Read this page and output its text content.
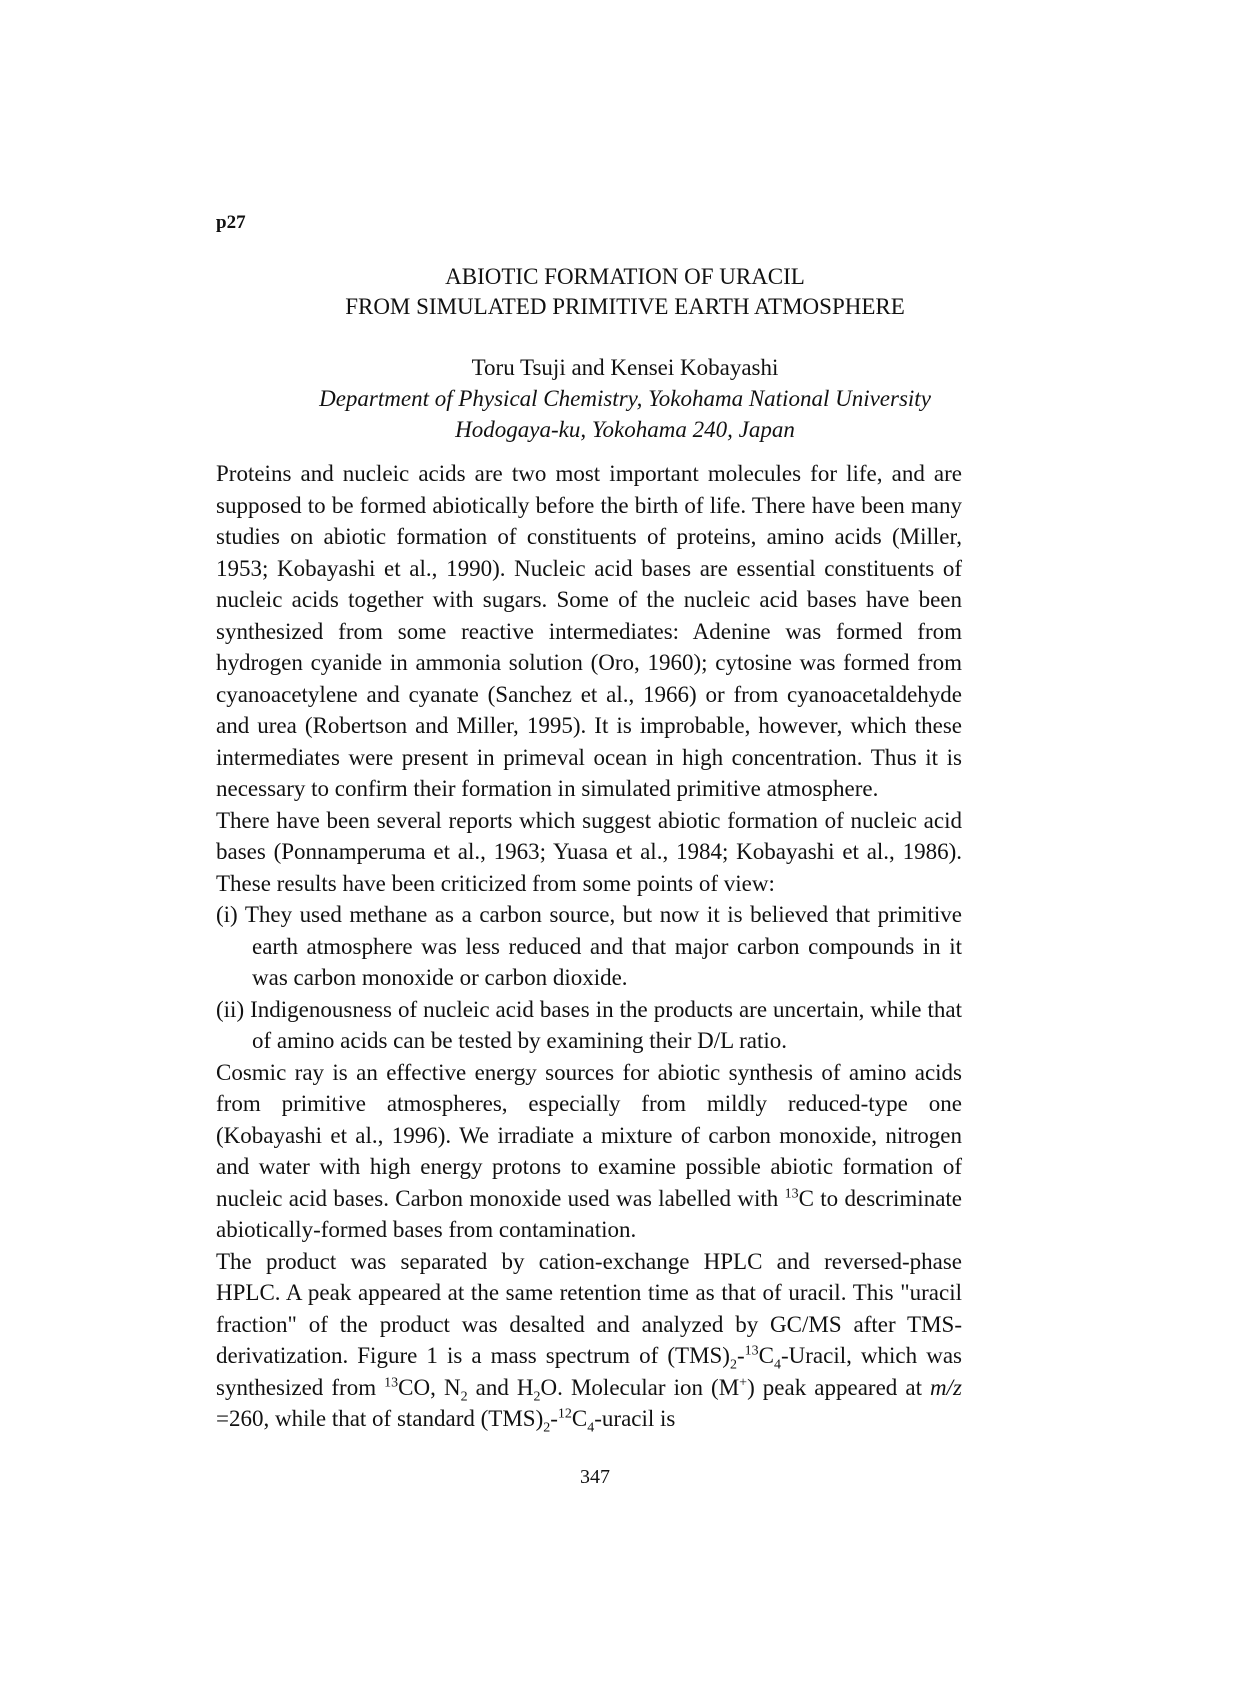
p27
ABIOTIC FORMATION OF URACIL
FROM SIMULATED PRIMITIVE EARTH ATMOSPHERE
Toru Tsuji and Kensei Kobayashi
Department of Physical Chemistry, Yokohama National University
Hodogaya-ku, Yokohama 240, Japan

Proteins and nucleic acids are two most important molecules for life, and are supposed to be formed abiotically before the birth of life. There have been many studies on abiotic formation of constituents of proteins, amino acids (Miller, 1953; Kobayashi et al., 1990). Nucleic acid bases are essential constituents of nucleic acids together with sugars. Some of the nucleic acid bases have been synthesized from some reactive intermediates: Adenine was formed from hydrogen cyanide in ammonia solution (Oro, 1960); cytosine was formed from cyanoacetylene and cyanate (Sanchez et al., 1966) or from cyanoacetaldehyde and urea (Robertson and Miller, 1995). It is improbable, however, which these intermediates were present in primeval ocean in high concentration. Thus it is necessary to confirm their formation in simulated primitive atmosphere.

There have been several reports which suggest abiotic formation of nucleic acid bases (Ponnamperuma et al., 1963; Yuasa et al., 1984; Kobayashi et al., 1986). These results have been criticized from some points of view:

(i) They used methane as a carbon source, but now it is believed that primitive earth atmosphere was less reduced and that major carbon compounds in it was carbon monoxide or carbon dioxide.

(ii) Indigenousness of nucleic acid bases in the products are uncertain, while that of amino acids can be tested by examining their D/L ratio.

Cosmic ray is an effective energy sources for abiotic synthesis of amino acids from primitive atmospheres, especially from mildly reduced-type one (Kobayashi et al., 1996). We irradiate a mixture of carbon monoxide, nitrogen and water with high energy protons to examine possible abiotic formation of nucleic acid bases. Carbon monoxide used was labelled with $^{13}$C to descriminate abiotically-formed bases from contamination.

The product was separated by cation-exchange HPLC and reversed-phase HPLC. A peak appeared at the same retention time as that of uracil. This "uracil fraction" of the product was desalted and analyzed by GC/MS after TMS-derivatization. Figure 1 is a mass spectrum of $(TMS)_2-^{13}C_4$-Uracil, which was synthesized from $^{13}$CO, $N_2$ and $H_2O$. Molecular ion (M+) peak appeared at m/z =260, while that of standard $(TMS)_2-^{12}C_4$-uracil is

347
